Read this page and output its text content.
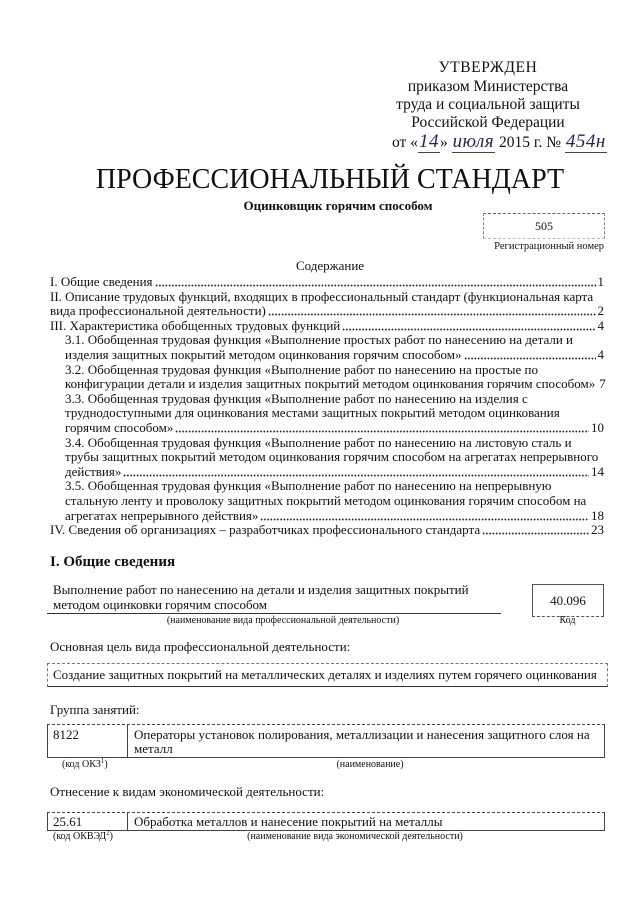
УТВЕРЖДЕН
приказом Министерства
труда и социальной защиты
Российской Федерации
от «14» июля 2015 г. № 454н
ПРОФЕССИОНАЛЬНЫЙ СТАНДАРТ
Оцинковщик горячим способом
505
Регистрационный номер
Содержание
I. Общие сведения	1
II. Описание трудовых функций, входящих в профессиональный стандарт (функциональная карта
вида профессиональной деятельности)	2
III. Характеристика обобщенных трудовых функций	4
3.1. Обобщенная трудовая функция «Выполнение простых работ по нанесению на детали и
изделия защитных покрытий методом оцинкования горячим способом»	4
3.2. Обобщенная трудовая функция «Выполнение работ по нанесению на простые по
конфигурации детали и изделия защитных покрытий методом оцинкования горячим способом» 7
3.3. Обобщенная трудовая функция «Выполнение работ по нанесению на изделия с
труднодоступными для оцинкования местами защитных покрытий методом оцинкования
горячим способом»	10
3.4. Обобщенная трудовая функция «Выполнение работ по нанесению на листовую сталь и
трубы защитных покрытий методом оцинкования горячим способом на агрегатах непрерывного
действия»	14
3.5. Обобщенная трудовая функция «Выполнение работ по нанесению на непрерывную
стальную ленту и проволоку защитных покрытий методом оцинкования горячим способом на
агрегатах непрерывного действия»	18
IV. Сведения об организациях – разработчиках профессионального стандарта	23
I. Общие сведения
Выполнение работ по нанесению на детали и изделия защитных покрытий методом оцинковки горячим способом	40.096
(наименование вида профессиональной деятельности)	Код
Основная цель вида профессиональной деятельности:
Создание защитных покрытий на металлических деталях и изделиях путем горячего оцинкования
Группа занятий:
8122	Операторы установок полирования, металлизации и нанесения защитного слоя на металл
(код ОКЗ$^1$)	(наименование)
Отнесение к видам экономической деятельности:
25.61	Обработка металлов и нанесение покрытий на металлы
(код ОКВЭД$^2$)	(наименование вида экономической деятельности)
